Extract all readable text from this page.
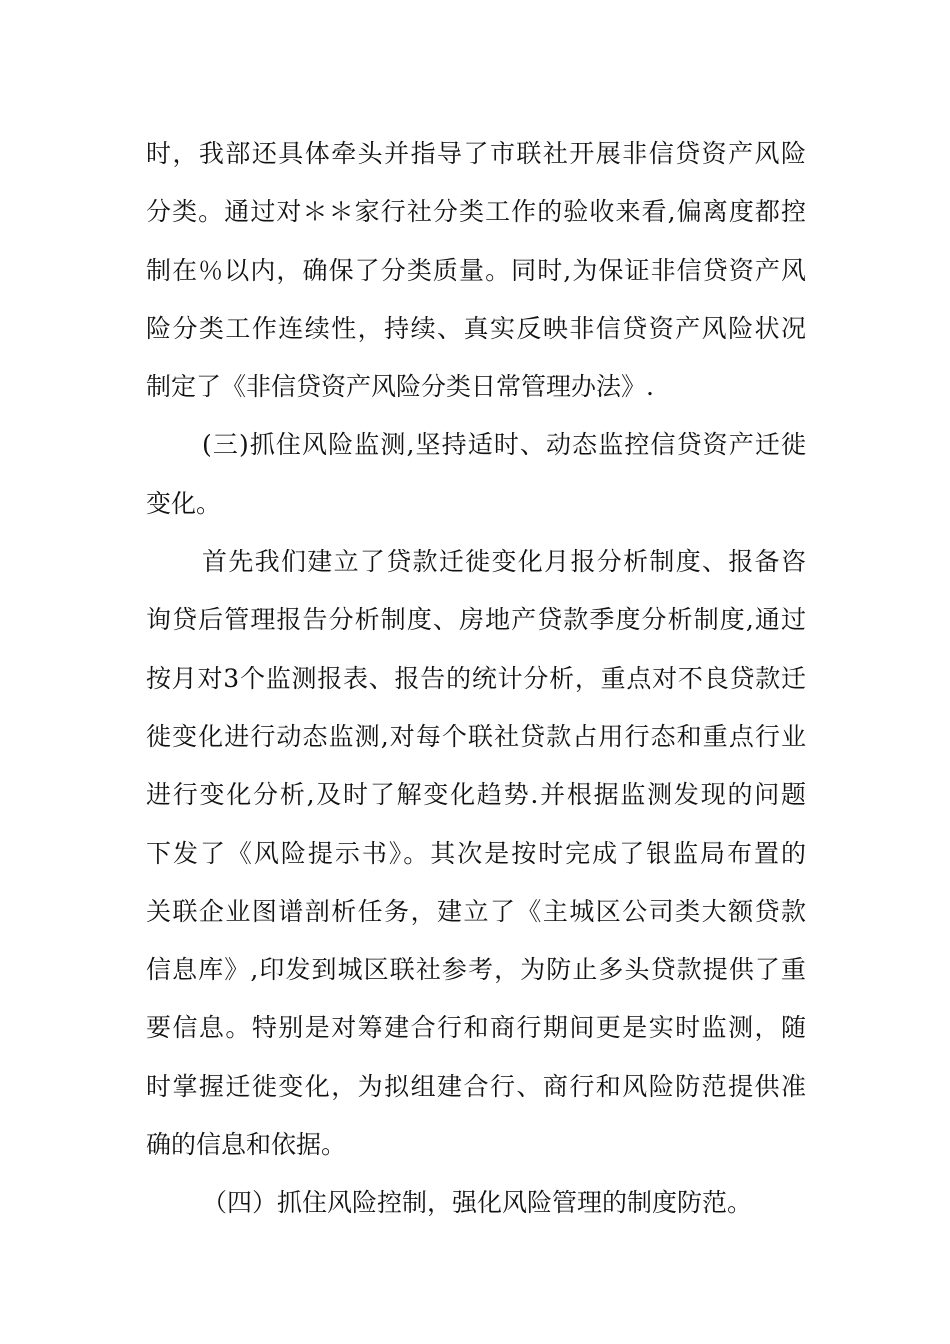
时，我部还具体牵头并指导了市联社开展非信贷资产风险
分类。通过对＊＊家行社分类工作的验收来看,偏离度都控
制在％以内，确保了分类质量。同时,为保证非信贷资产风
险分类工作连续性，持续、真实反映非信贷资产风险状况
制定了《非信贷资产风险分类日常管理办法》.
(三)抓住风险监测,坚持适时、动态监控信贷资产迁徙
变化。
首先我们建立了贷款迁徙变化月报分析制度、报备咨
询贷后管理报告分析制度、房地产贷款季度分析制度,通过
按月对3个监测报表、报告的统计分析，重点对不良贷款迁
徙变化进行动态监测,对每个联社贷款占用行态和重点行业
进行变化分析,及时了解变化趋势.并根据监测发现的问题
下发了《风险提示书》。其次是按时完成了银监局布置的
关联企业图谱剖析任务，建立了《主城区公司类大额贷款
信息库》,印发到城区联社参考，为防止多头贷款提供了重
要信息。特别是对筹建合行和商行期间更是实时监测，随
时掌握迁徙变化，为拟组建合行、商行和风险防范提供准
确的信息和依据。
（四）抓住风险控制，强化风险管理的制度防范。
